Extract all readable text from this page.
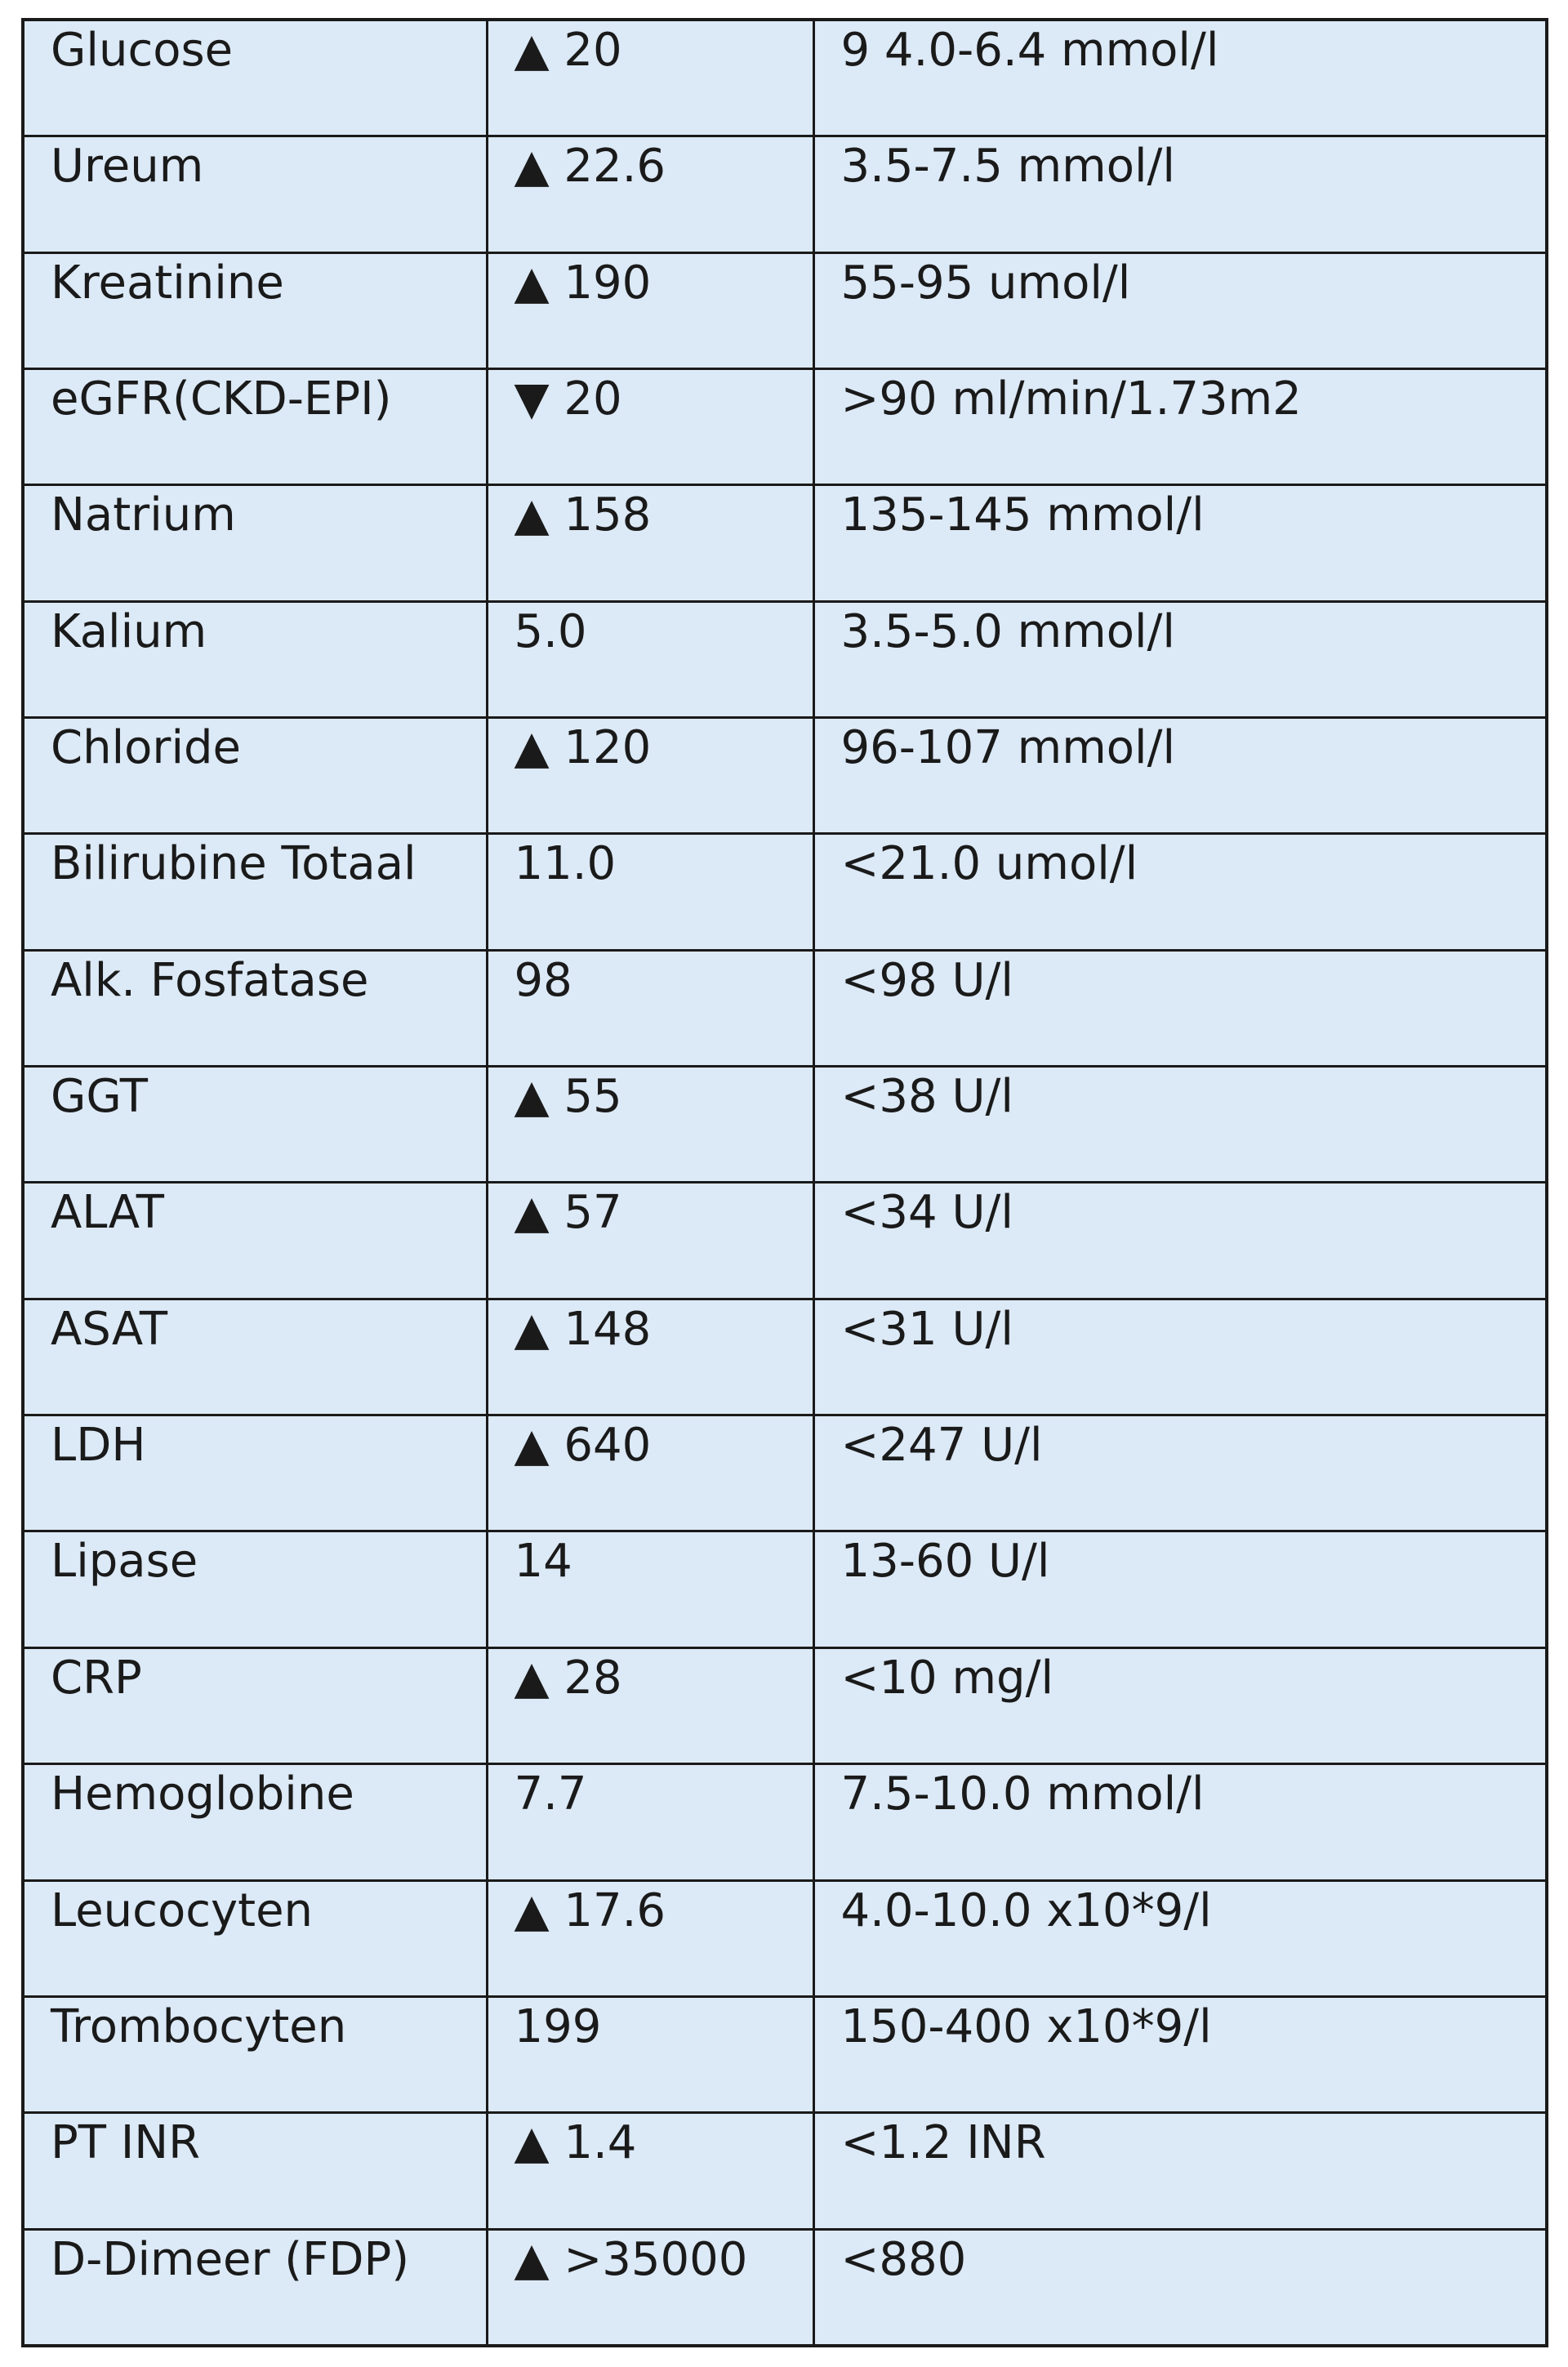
Glucose	▲ 20	9 4.0-6.4 mmol/l
Ureum	▲ 22.6	3.5-7.5 mmol/l
Kreatinine	▲ 190	55-95 umol/l
eGFR(CKD-EPI)	▼ 20	>90 ml/min/1.73m2
Natrium	▲ 158	135-145 mmol/l
Kalium	5.0	3.5-5.0 mmol/l
Chloride	▲ 120	96-107 mmol/l
Bilirubine Totaal	11.0	<21.0 umol/l
Alk. Fosfatase	98	<98 U/l
GGT	▲ 55	<38 U/l
ALAT	▲ 57	<34 U/l
ASAT	▲ 148	<31 U/l
LDH	▲ 640	<247 U/l
Lipase	14	13-60 U/l
CRP	▲ 28	<10 mg/l
Hemoglobine	7.7	7.5-10.0 mmol/l
Leucocyten	▲ 17.6	4.0-10.0 x10*9/l
Trombocyten	199	150-400 x10*9/l
PT INR	▲ 1.4	<1.2 INR
D-Dimeer (FDP)	▲ >35000	<880
